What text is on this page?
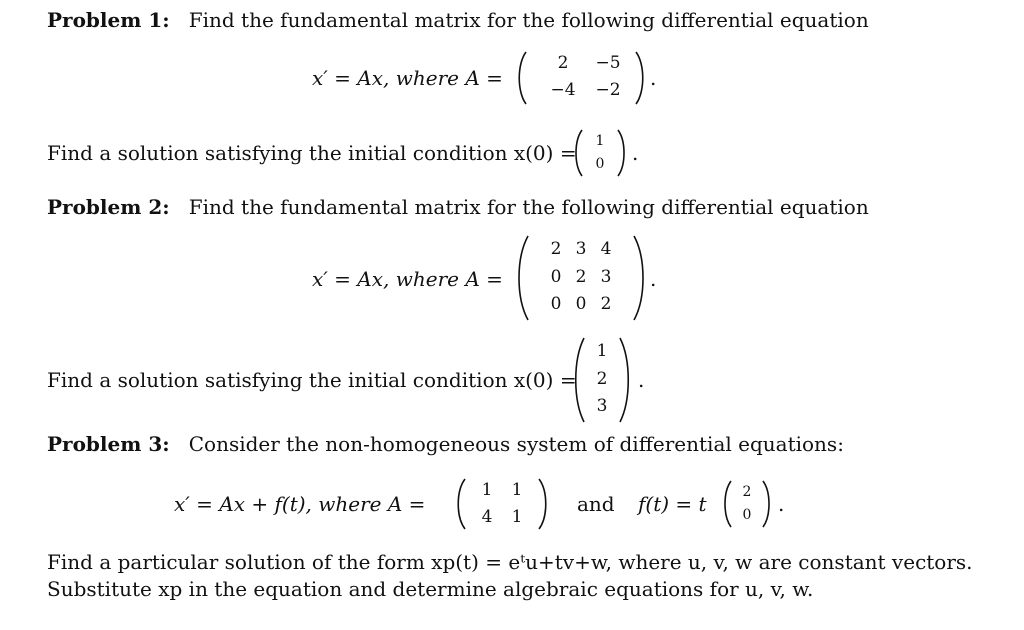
Problem 1: Find the fundamental matrix for the following differential equation
x′ = Ax, where A =
2	−5
−4	−2 .
Find a solution satisfying the initial condition x(0) =	1
0	.
Problem 2: Find the fundamental matrix for the following differential equation
x′ = Ax, where A =
2 3 4
0 2 3
0 0 2
.
Find a solution satisfying the initial condition x(0) =
1
2
3
.
Problem 3: Consider the non-homogeneous system of differential equations:
x′ = Ax + f(t), where A =
1	1
4	1
and f(t) = t	2
0	.
Find a particular solution of the form xp(t) = eᵗu+tv+w, where u, v, w are constant vectors.
Substitute xp in the equation and determine algebraic equations for u, v, w.
